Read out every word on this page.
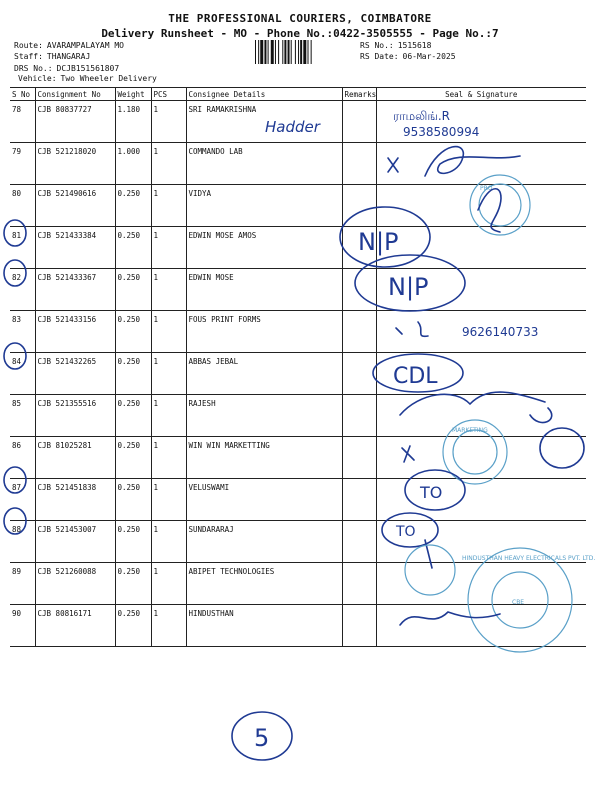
THE PROFESSIONAL COURIERS, COIMBATORE
Delivery Runsheet - MO - Phone No.:0422-3505555 - Page No.:7
Route: AVARAMPALAYAM MO
Staff: THANGARAJ
DRS No.: DCJB151561807
Vehicle: Two Wheeler Delivery
RS No.: 1515618
RS Date: 06-Mar-2025
S No	Consignment No	Weight	PCS	Consignee Details	Remarks	Seal & Signature
78	CJB 80837727	1.180	1	SRI RAMAKRISHNA		
79	CJB 521218020	1.000	1	COMMANDO LAB		
80	CJB 521490616	0.250	1	VIDYA		
81	CJB 521433384	0.250	1	EDWIN MOSE AMOS		
82	CJB 521433367	0.250	1	EDWIN MOSE		
83	CJB 521433156	0.250	1	FOUS PRINT FORMS		
84	CJB 521432265	0.250	1	ABBAS JEBAL		
85	CJB 521355516	0.250	1	RAJESH		
86	CJB 81025281	0.250	1	WIN WIN MARKETTING		
87	CJB 521451838	0.250	1	VELUSWAMI		
88	CJB 521453007	0.250	1	SUNDARARAJ		
89	CJB 521260088	0.250	1	ABIPET TECHNOLOGIES		
90	CJB 80816171	0.250	1	HINDUSTHAN		
Hadder
ராமலிங்.R
9538580994
PRO
N|P
N|P
9626140733
CDL
MARKETING
TO
TO
HINDUSTHAN HEAVY ELECTRICALS PVT. LTD.
CBE
5
